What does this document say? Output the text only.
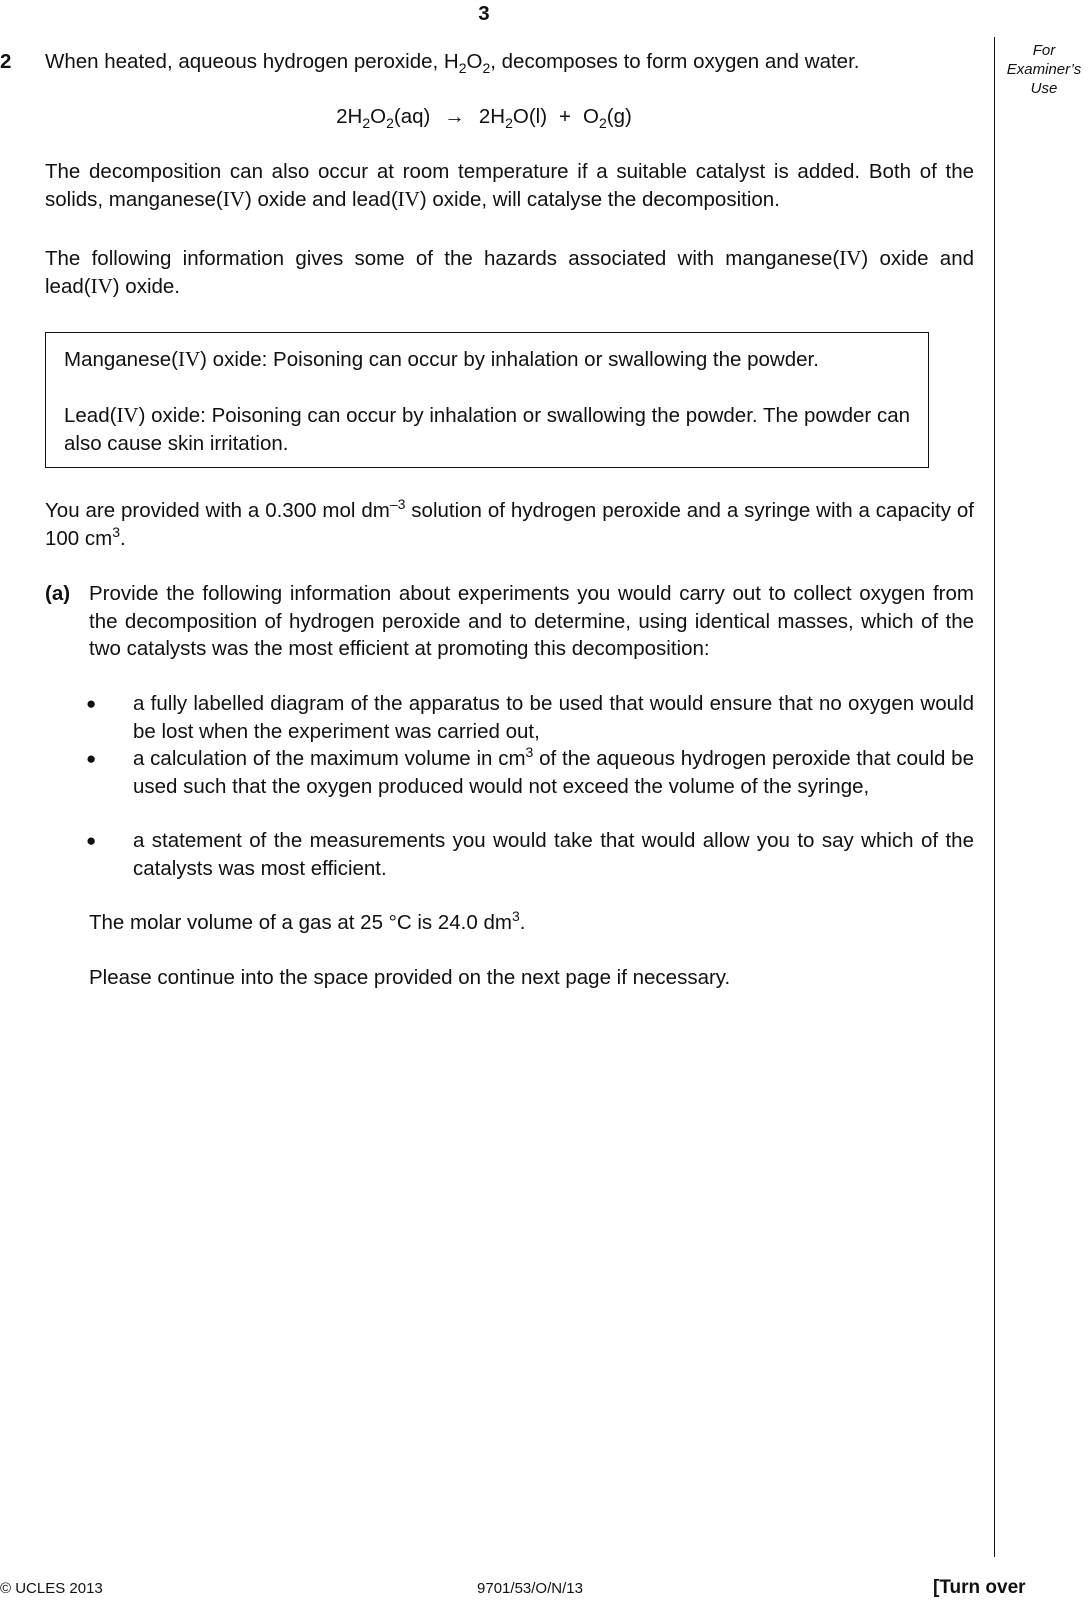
3
For
Examiner’s
Use
2 When heated, aqueous hydrogen peroxide, $H_2O_2$, decomposes to form oxygen and water.
$2H_2O_2(aq) \to 2H_2O(l) + O_2(g)$
The decomposition can also occur at room temperature if a suitable catalyst is added. Both of the solids, manganese(IV) oxide and lead(IV) oxide, will catalyse the decomposition.
The following information gives some of the hazards associated with manganese(IV) oxide and lead(IV) oxide.
Manganese(IV) oxide: Poisoning can occur by inhalation or swallowing the powder.
Lead(IV) oxide: Poisoning can occur by inhalation or swallowing the powder. The powder can also cause skin irritation.
You are provided with a 0.300 mol $dm^{-3}$ solution of hydrogen peroxide and a syringe with a capacity of 100 $cm^3$.
(a) Provide the following information about experiments you would carry out to collect oxygen from the decomposition of hydrogen peroxide and to determine, using identical masses, which of the two catalysts was the most efficient at promoting this decomposition:
● a fully labelled diagram of the apparatus to be used that would ensure that no oxygen would be lost when the experiment was carried out,
● a calculation of the maximum volume in $cm^3$ of the aqueous hydrogen peroxide that could be used such that the oxygen produced would not exceed the volume of the syringe,
● a statement of the measurements you would take that would allow you to say which of the catalysts was most efficient.
The molar volume of a gas at 25 °C is 24.0 $dm^3$.
Please continue into the space provided on the next page if necessary.
© UCLES 2013	9701/53/O/N/13	[Turn over
